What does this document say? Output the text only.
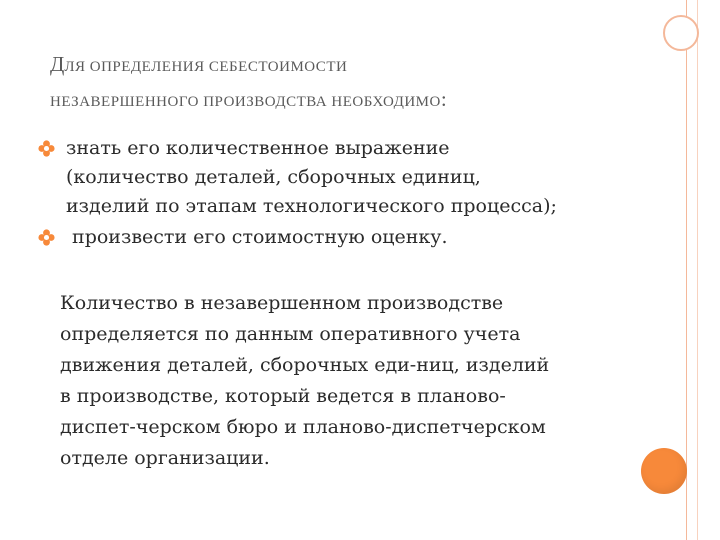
ДЛЯ ОПРЕДЕЛЕНИЯ СЕБЕСТОИМОСТИ
НЕЗАВЕРШЕННОГО ПРОИЗВОДСТВА НЕОБХОДИМО:
знать его количественное выражение
(количество деталей, сборочных единиц,
изделий по этапам технологического процесса);
произвести его стоимостную оценку.
Количество в незавершенном производстве
определяется по данным оперативного учета
движения деталей, сборочных еди-ниц, изделий
в производстве, который ведется в планово-
диспет-черском бюро и планово-диспетчерском
отделе организации.
